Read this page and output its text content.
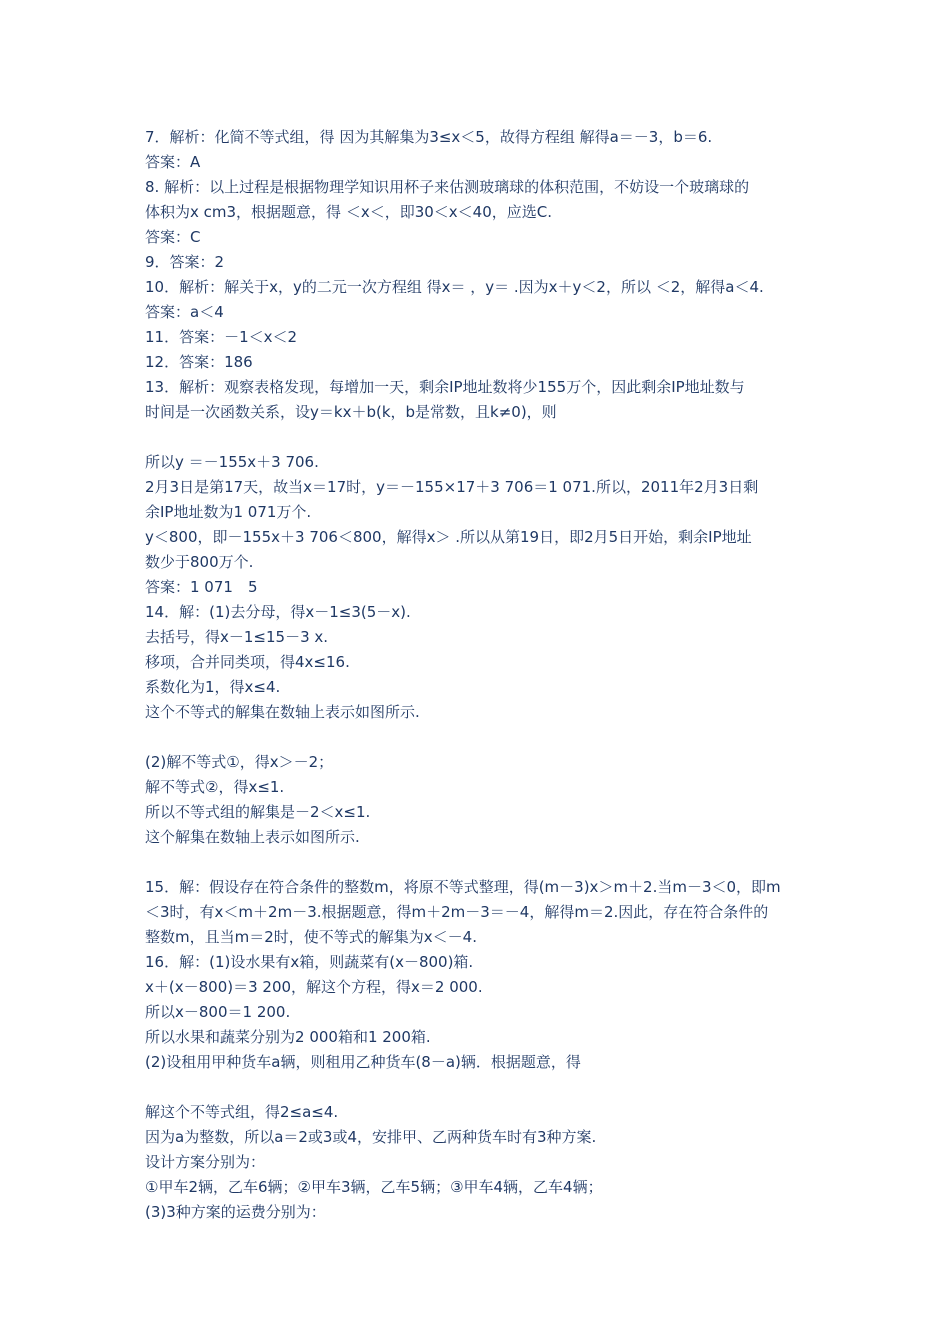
7．解析：化简不等式组，得 因为其解集为3≤x＜5，故得方程组 解得a＝－3，b＝6.
答案：A
8. 解析：以上过程是根据物理学知识用杯子来估测玻璃球的体积范围，不妨设一个玻璃球的
体积为x cm3，根据题意，得 ＜x＜，即30＜x＜40，应选C.
答案：C
9．答案：2
10．解析：解关于x，y的二元一次方程组 得x＝ ，y＝ .因为x＋y＜2，所以 ＜2，解得a＜4.
答案：a＜4
11．答案：－1＜x＜2
12．答案：186
13．解析：观察表格发现，每增加一天，剩余IP地址数将少155万个，因此剩余IP地址数与
时间是一次函数关系，设y＝kx＋b(k，b是常数，且k≠0)，则
所以y ＝－155x＋3 706.
2月3日是第17天，故当x＝17时，y＝－155×17＋3 706＝1 071.所以，2011年2月3日剩
余IP地址数为1 071万个.
y＜800，即－155x＋3 706＜800，解得x＞ .所以从第19日，即2月5日开始，剩余IP地址
数少于800万个.
答案：1 071　5
14．解：(1)去分母，得x－1≤3(5－x).
去括号，得x－1≤15－3 x.
移项，合并同类项，得4x≤16.
系数化为1，得x≤4.
这个不等式的解集在数轴上表示如图所示.
(2)解不等式①，得x＞－2；
解不等式②，得x≤1.
所以不等式组的解集是－2＜x≤1.
这个解集在数轴上表示如图所示.
15．解：假设存在符合条件的整数m，将原不等式整理，得(m－3)x＞m＋2.当m－3＜0，即m
＜3时，有x＜m＋2m－3.根据题意，得m＋2m－3＝－4，解得m＝2.因此，存在符合条件的
整数m，且当m＝2时，使不等式的解集为x＜－4.
16．解：(1)设水果有x箱，则蔬菜有(x－800)箱.
x＋(x－800)＝3 200，解这个方程，得x＝2 000.
所以x－800＝1 200.
所以水果和蔬菜分别为2 000箱和1 200箱.
(2)设租用甲种货车a辆，则租用乙种货车(8－a)辆．根据题意，得
解这个不等式组，得2≤a≤4.
因为a为整数，所以a＝2或3或4，安排甲、乙两种货车时有3种方案.
设计方案分别为：
①甲车2辆，乙车6辆；②甲车3辆，乙车5辆；③甲车4辆，乙车4辆；
(3)3种方案的运费分别为：
